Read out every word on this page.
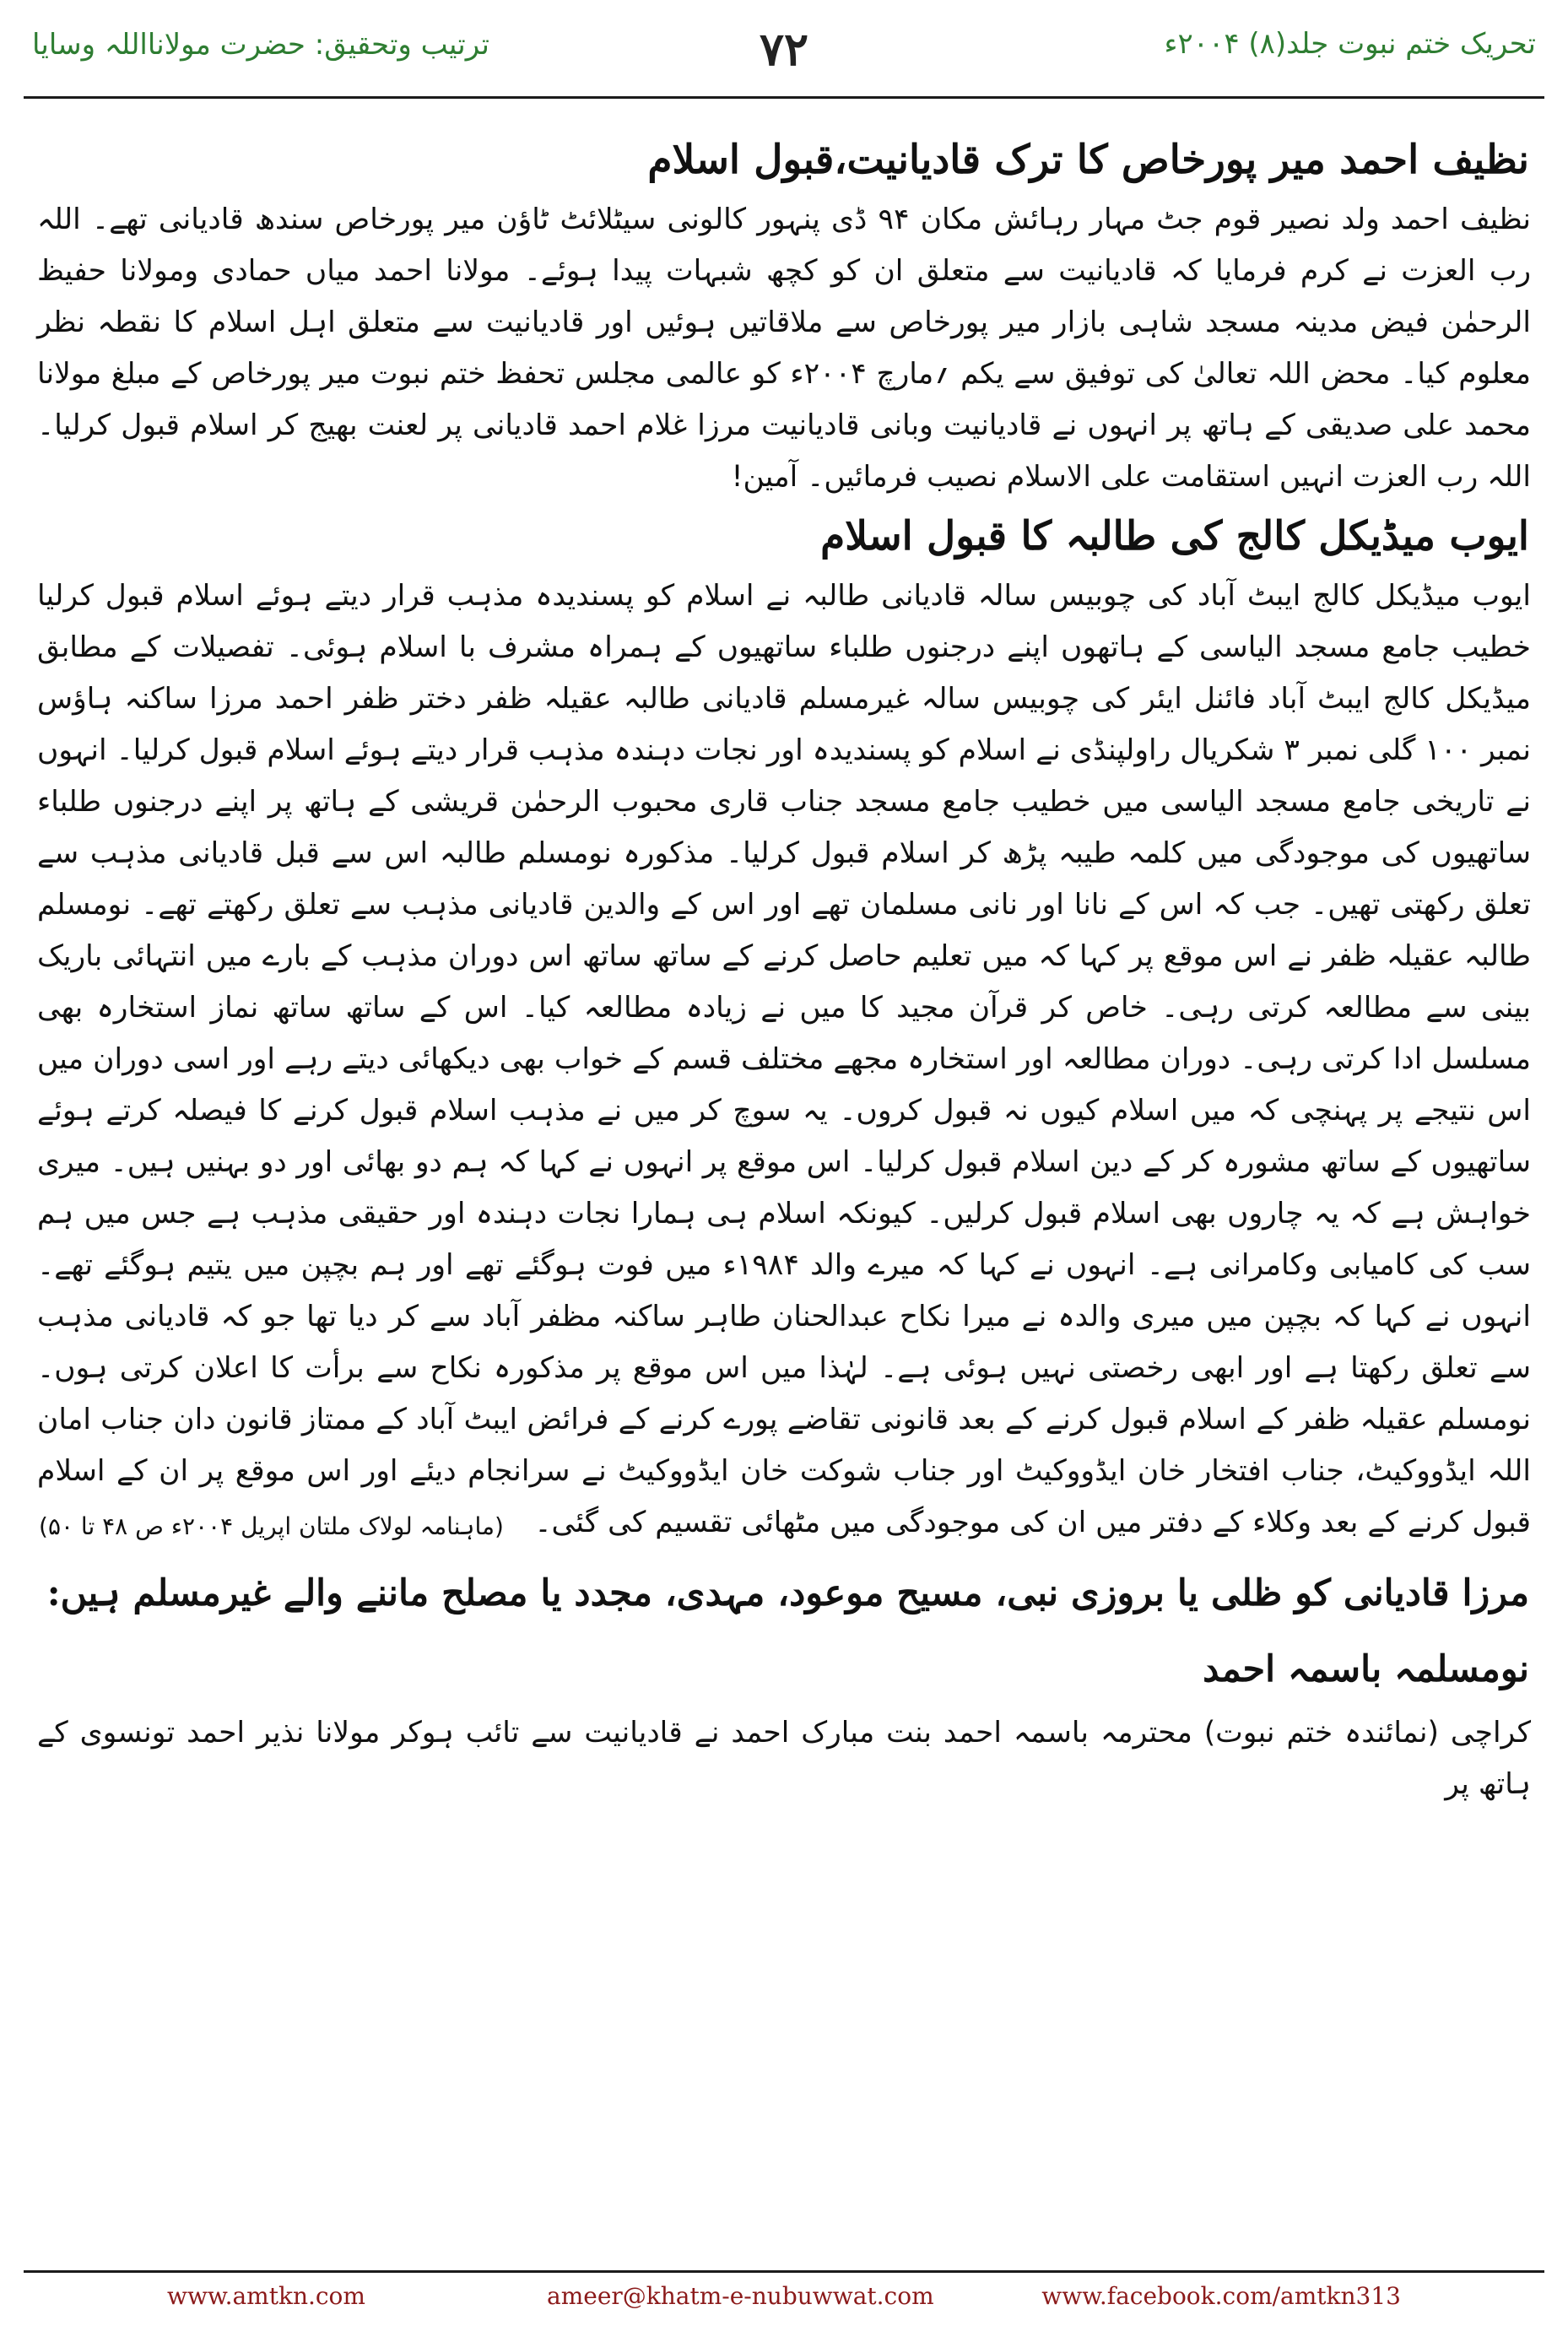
تحریک ختم نبوت جلد(۸) ۲۰۰۴ء
۷۲
ترتیب وتحقیق: حضرت مولانااللہ وسایا
نظیف احمد میر پورخاص کا ترک قادیانیت،قبول اسلام

نظیف احمد ولد نصیر قوم جٹ مہار رہائش مکان ۹۴ ڈی پنہور کالونی سیٹلائٹ ٹاؤن میر پورخاص سندھ قادیانی تھے۔ اللہ رب العزت نے کرم فرمایا کہ قادیانیت سے متعلق ان کو کچھ شبہات پیدا ہوئے۔ مولانا احمد میاں حمادی ومولانا حفیظ الرحمٰن فیض مدینہ مسجد شاہی بازار میر پورخاص سے ملاقاتیں ہوئیں اور قادیانیت سے متعلق اہل اسلام کا نقطہ نظر معلوم کیا۔ محض اللہ تعالیٰ کی توفیق سے یکم ؍مارچ ۲۰۰۴ء کو عالمی مجلس تحفظ ختم نبوت میر پورخاص کے مبلغ مولانا محمد علی صدیقی کے ہاتھ پر انہوں نے قادیانیت وبانی قادیانیت مرزا غلام احمد قادیانی پر لعنت بھیج کر اسلام قبول کرلیا۔ اللہ رب العزت انہیں استقامت علی الاسلام نصیب فرمائیں۔ آمین!

ایوب میڈیکل کالج کی طالبہ کا قبول اسلام

ایوب میڈیکل کالج ایبٹ آباد کی چوبیس سالہ قادیانی طالبہ نے اسلام کو پسندیدہ مذہب قرار دیتے ہوئے اسلام قبول کرلیا خطیب جامع مسجد الیاسی کے ہاتھوں اپنے درجنوں طلباء ساتھیوں کے ہمراہ مشرف با اسلام ہوئی۔ تفصیلات کے مطابق میڈیکل کالج ایبٹ آباد فائنل ایئر کی چوبیس سالہ غیرمسلم قادیانی طالبہ عقیلہ ظفر دختر ظفر احمد مرزا ساکنہ ہاؤس نمبر ۱۰۰ گلی نمبر ۳ شکریال راولپنڈی نے اسلام کو پسندیدہ اور نجات دہندہ مذہب قرار دیتے ہوئے اسلام قبول کرلیا۔ انہوں نے تاریخی جامع مسجد الیاسی میں خطیب جامع مسجد جناب قاری محبوب الرحمٰن قریشی کے ہاتھ پر اپنے درجنوں طلباء ساتھیوں کی موجودگی میں کلمہ طیبہ پڑھ کر اسلام قبول کرلیا۔ مذکورہ نومسلم طالبہ اس سے قبل قادیانی مذہب سے تعلق رکھتی تھیں۔ جب کہ اس کے نانا اور نانی مسلمان تھے اور اس کے والدین قادیانی مذہب سے تعلق رکھتے تھے۔ نومسلم طالبہ عقیلہ ظفر نے اس موقع پر کہا کہ میں تعلیم حاصل کرنے کے ساتھ ساتھ اس دوران مذہب کے بارے میں انتہائی باریک بینی سے مطالعہ کرتی رہی۔ خاص کر قرآن مجید کا میں نے زیادہ مطالعہ کیا۔ اس کے ساتھ ساتھ نماز استخارہ بھی مسلسل ادا کرتی رہی۔ دوران مطالعہ اور استخارہ مجھے مختلف قسم کے خواب بھی دیکھائی دیتے رہے اور اسی دوران میں اس نتیجے پر پہنچی کہ میں اسلام کیوں نہ قبول کروں۔ یہ سوچ کر میں نے مذہب اسلام قبول کرنے کا فیصلہ کرتے ہوئے ساتھیوں کے ساتھ مشورہ کر کے دین اسلام قبول کرلیا۔ اس موقع پر انہوں نے کہا کہ ہم دو بھائی اور دو بہنیں ہیں۔ میری خواہش ہے کہ یہ چاروں بھی اسلام قبول کرلیں۔ کیونکہ اسلام ہی ہمارا نجات دہندہ اور حقیقی مذہب ہے جس میں ہم سب کی کامیابی وکامرانی ہے۔ انہوں نے کہا کہ میرے والد ۱۹۸۴ء میں فوت ہوگئے تھے اور ہم بچپن میں یتیم ہوگئے تھے۔ انہوں نے کہا کہ بچپن میں میری والدہ نے میرا نکاح عبدالحنان طاہر ساکنہ مظفر آباد سے کر دیا تھا جو کہ قادیانی مذہب سے تعلق رکھتا ہے اور ابھی رخصتی نہیں ہوئی ہے۔ لہٰذا میں اس موقع پر مذکورہ نکاح سے برأت کا اعلان کرتی ہوں۔ نومسلم عقیلہ ظفر کے اسلام قبول کرنے کے بعد قانونی تقاضے پورے کرنے کے فرائض ایبٹ آباد کے ممتاز قانون دان جناب امان اللہ ایڈووکیٹ، جناب افتخار خان ایڈووکیٹ اور جناب شوکت خان ایڈووکیٹ نے سرانجام دیئے اور اس موقع پر ان کے اسلام قبول کرنے کے بعد وکلاء کے دفتر میں ان کی موجودگی میں مٹھائی تقسیم کی گئی۔

(ماہنامہ لولاک ملتان اپریل ۲۰۰۴ء ص ۴۸ تا ۵۰)
مرزا قادیانی کو ظلی یا بروزی نبی، مسیح موعود، مہدی، مجدد یا مصلح ماننے والے غیرمسلم ہیں: نومسلمہ باسمہ احمد

کراچی (نمائندہ ختم نبوت) محترمہ باسمہ احمد بنت مبارک احمد نے قادیانیت سے تائب ہوکر مولانا نذیر احمد تونسوی کے ہاتھ پر

www.amtkn.com	ameer@khatm-e-nubuwwat.com	www.facebook.com/amtkn313
